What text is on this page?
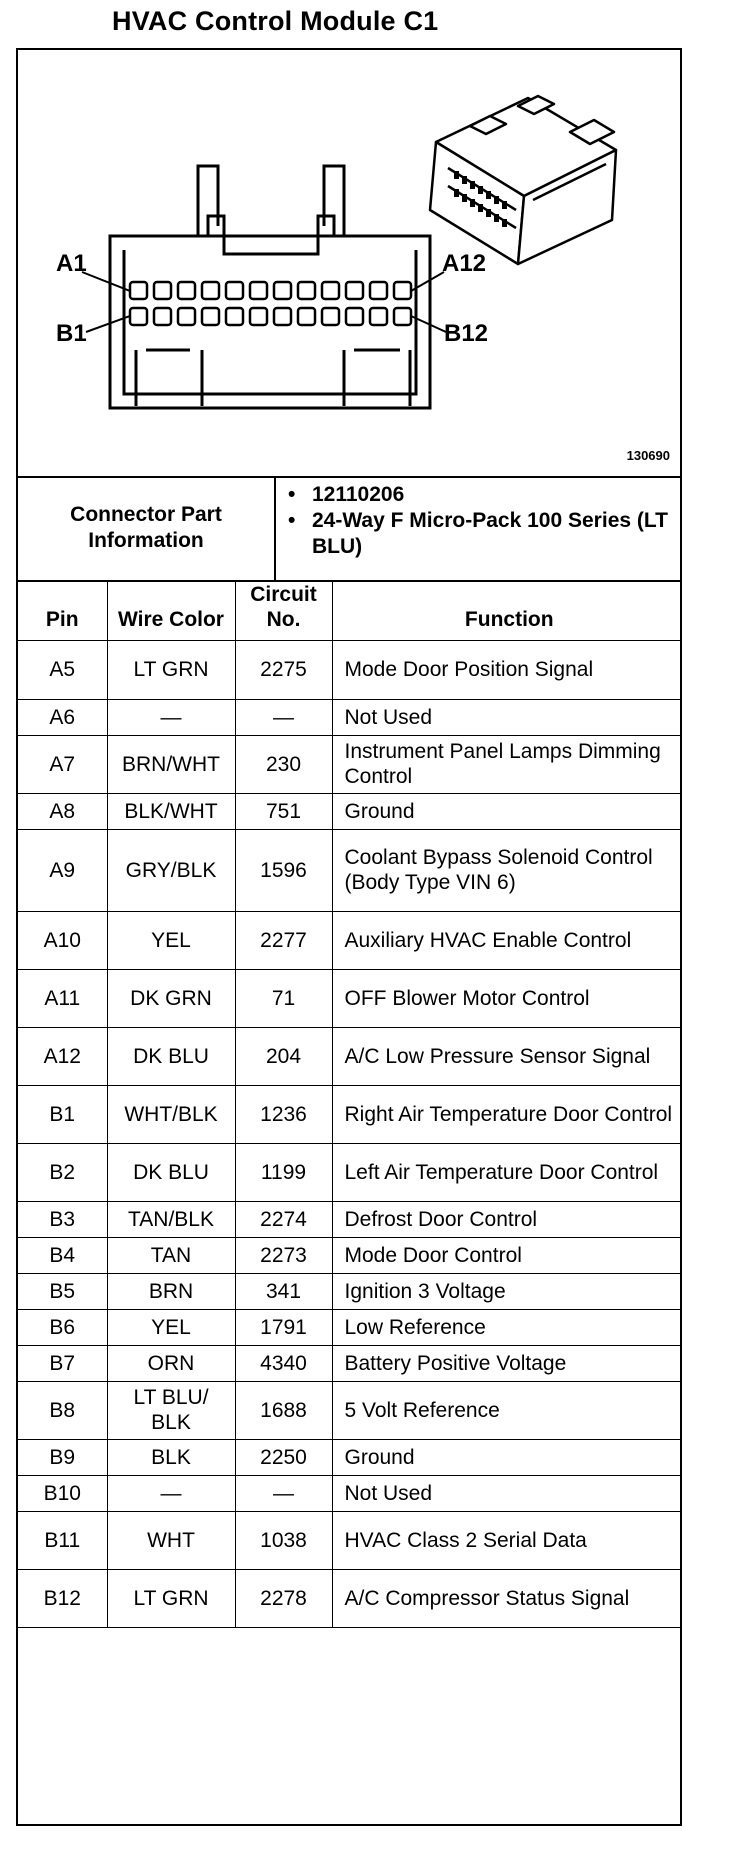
HVAC Control Module C1
A1
B1
A12
B12
130690
Connector Part Information
• 12110206
• 24-Way F Micro-Pack 100 Series (LT BLU)
Pin	Wire Color	Circuit No.	Function
A5	LT GRN	2275	Mode Door Position Signal
A6	—	—	Not Used
A7	BRN/WHT	230	Instrument Panel Lamps Dimming Control
A8	BLK/WHT	751	Ground
A9	GRY/BLK	1596	Coolant Bypass Solenoid Control (Body Type VIN 6)
A10	YEL	2277	Auxiliary HVAC Enable Control
A11	DK GRN	71	OFF Blower Motor Control
A12	DK BLU	204	A/C Low Pressure Sensor Signal
B1	WHT/BLK	1236	Right Air Temperature Door Control
B2	DK BLU	1199	Left Air Temperature Door Control
B3	TAN/BLK	2274	Defrost Door Control
B4	TAN	2273	Mode Door Control
B5	BRN	341	Ignition 3 Voltage
B6	YEL	1791	Low Reference
B7	ORN	4340	Battery Positive Voltage
B8	LT BLU/ BLK	1688	5 Volt Reference
B9	BLK	2250	Ground
B10	—	—	Not Used
B11	WHT	1038	HVAC Class 2 Serial Data
B12	LT GRN	2278	A/C Compressor Status Signal
